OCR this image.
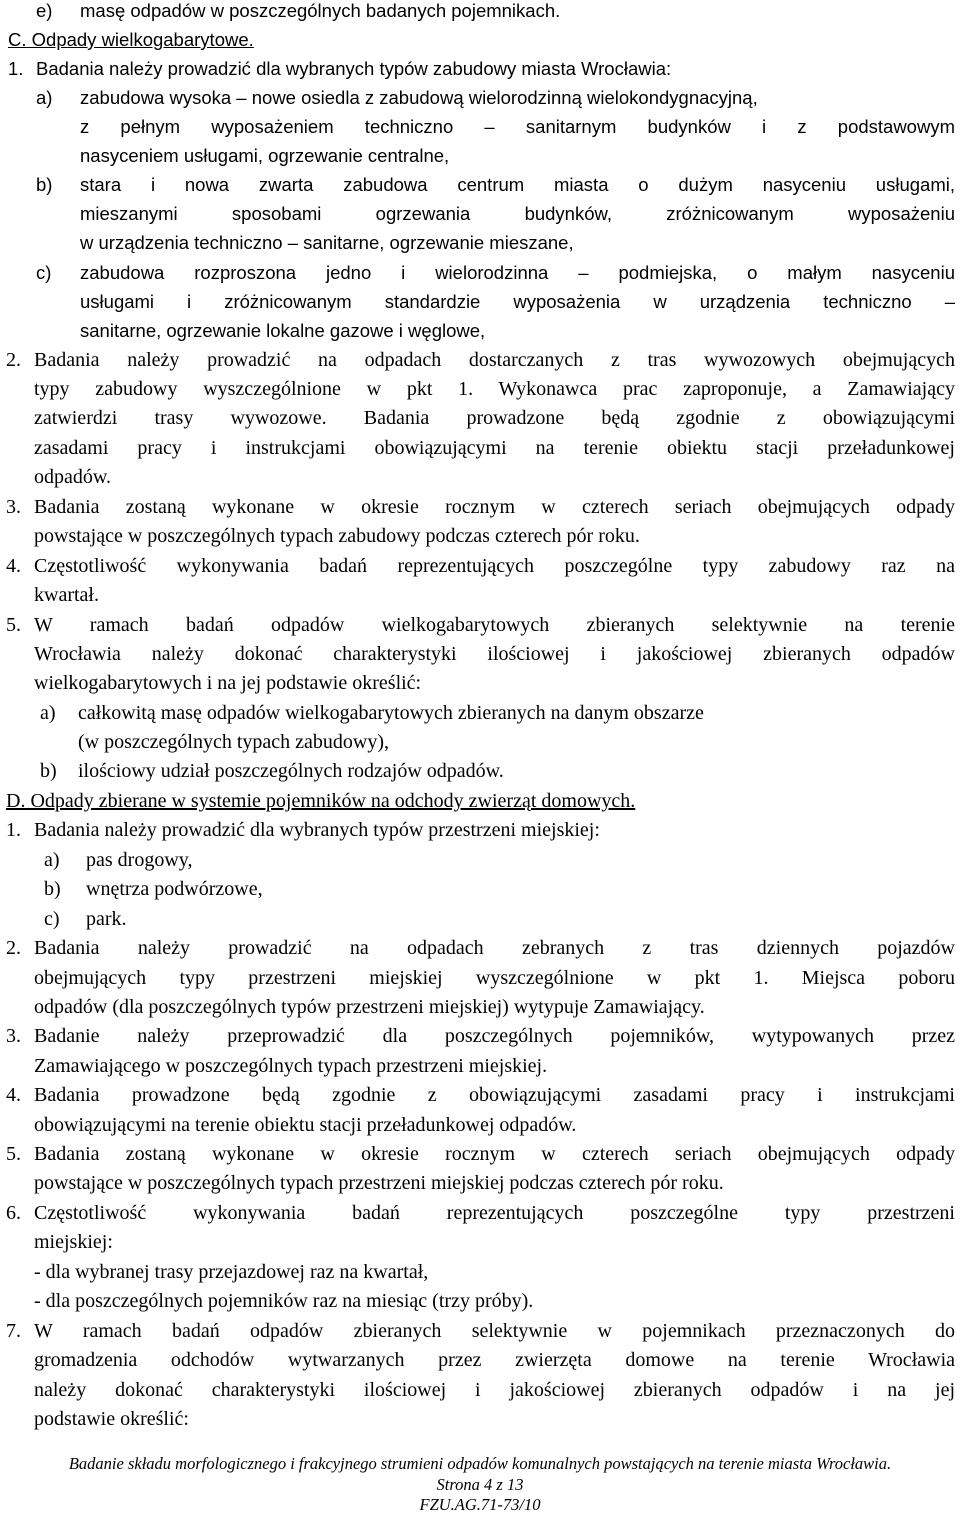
e) masę odpadów w poszczególnych badanych pojemnikach.
C. Odpady wielkogabarytowe.
1. Badania należy prowadzić dla wybranych typów zabudowy miasta Wrocławia:
a) zabudowa wysoka – nowe osiedla z zabudową wielorodzinną wielokondygnacyjną,
z pełnym wyposażeniem techniczno – sanitarnym budynków i z podstawowym
nasyceniem usługami, ogrzewanie centralne,
b) stara i nowa zwarta zabudowa centrum miasta o dużym nasyceniu usługami,
mieszanymi sposobami ogrzewania budynków, zróżnicowanym wyposażeniu
w urządzenia techniczno – sanitarne, ogrzewanie mieszane,
c) zabudowa rozproszona jedno i wielorodzinna – podmiejska, o małym nasyceniu
usługami i zróżnicowanym standardzie wyposażenia w urządzenia techniczno –
sanitarne, ogrzewanie lokalne gazowe i węglowe,
2. Badania należy prowadzić na odpadach dostarczanych z tras wywozowych obejmujących
typy zabudowy wyszczególnione w pkt 1. Wykonawca prac zaproponuje, a Zamawiający
zatwierdzi trasy wywozowe. Badania prowadzone będą zgodnie z obowiązującymi
zasadami pracy i instrukcjami obowiązującymi na terenie obiektu stacji przeładunkowej
odpadów.
3. Badania zostaną wykonane w okresie rocznym w czterech seriach obejmujących odpady
powstające w poszczególnych typach zabudowy podczas czterech pór roku.
4. Częstotliwość wykonywania badań reprezentujących poszczególne typy zabudowy raz na
kwartał.
5. W ramach badań odpadów wielkogabarytowych zbieranych selektywnie na terenie
Wrocławia należy dokonać charakterystyki ilościowej i jakościowej zbieranych odpadów
wielkogabarytowych i na jej podstawie określić:
a) całkowitą masę odpadów wielkogabarytowych zbieranych na danym obszarze
(w poszczególnych typach zabudowy),
b) ilościowy udział poszczególnych rodzajów odpadów.
D. Odpady zbierane w systemie pojemników na odchody zwierząt domowych.
1. Badania należy prowadzić dla wybranych typów przestrzeni miejskiej:
a) pas drogowy,
b) wnętrza podwórzowe,
c) park.
2. Badania należy prowadzić na odpadach zebranych z tras dziennych pojazdów
obejmujących typy przestrzeni miejskiej wyszczególnione w pkt 1. Miejsca poboru
odpadów (dla poszczególnych typów przestrzeni miejskiej) wytypuje Zamawiający.
3. Badanie należy przeprowadzić dla poszczególnych pojemników, wytypowanych przez
Zamawiającego w poszczególnych typach przestrzeni miejskiej.
4. Badania prowadzone będą zgodnie z obowiązującymi zasadami pracy i instrukcjami
obowiązującymi na terenie obiektu stacji przeładunkowej odpadów.
5. Badania zostaną wykonane w okresie rocznym w czterech seriach obejmujących odpady
powstające w poszczególnych typach przestrzeni miejskiej podczas czterech pór roku.
6. Częstotliwość wykonywania badań reprezentujących poszczególne typy przestrzeni
miejskiej:
- dla wybranej trasy przejazdowej raz na kwartał,
- dla poszczególnych pojemników raz na miesiąc (trzy próby).
7. W ramach badań odpadów zbieranych selektywnie w pojemnikach przeznaczonych do
gromadzenia odchodów wytwarzanych przez zwierzęta domowe na terenie Wrocławia
należy dokonać charakterystyki ilościowej i jakościowej zbieranych odpadów i na jej
podstawie określić:
Badanie składu morfologicznego i frakcyjnego strumieni odpadów komunalnych powstających na terenie miasta Wrocławia.
Strona 4 z 13
FZU.AG.71-73/10
